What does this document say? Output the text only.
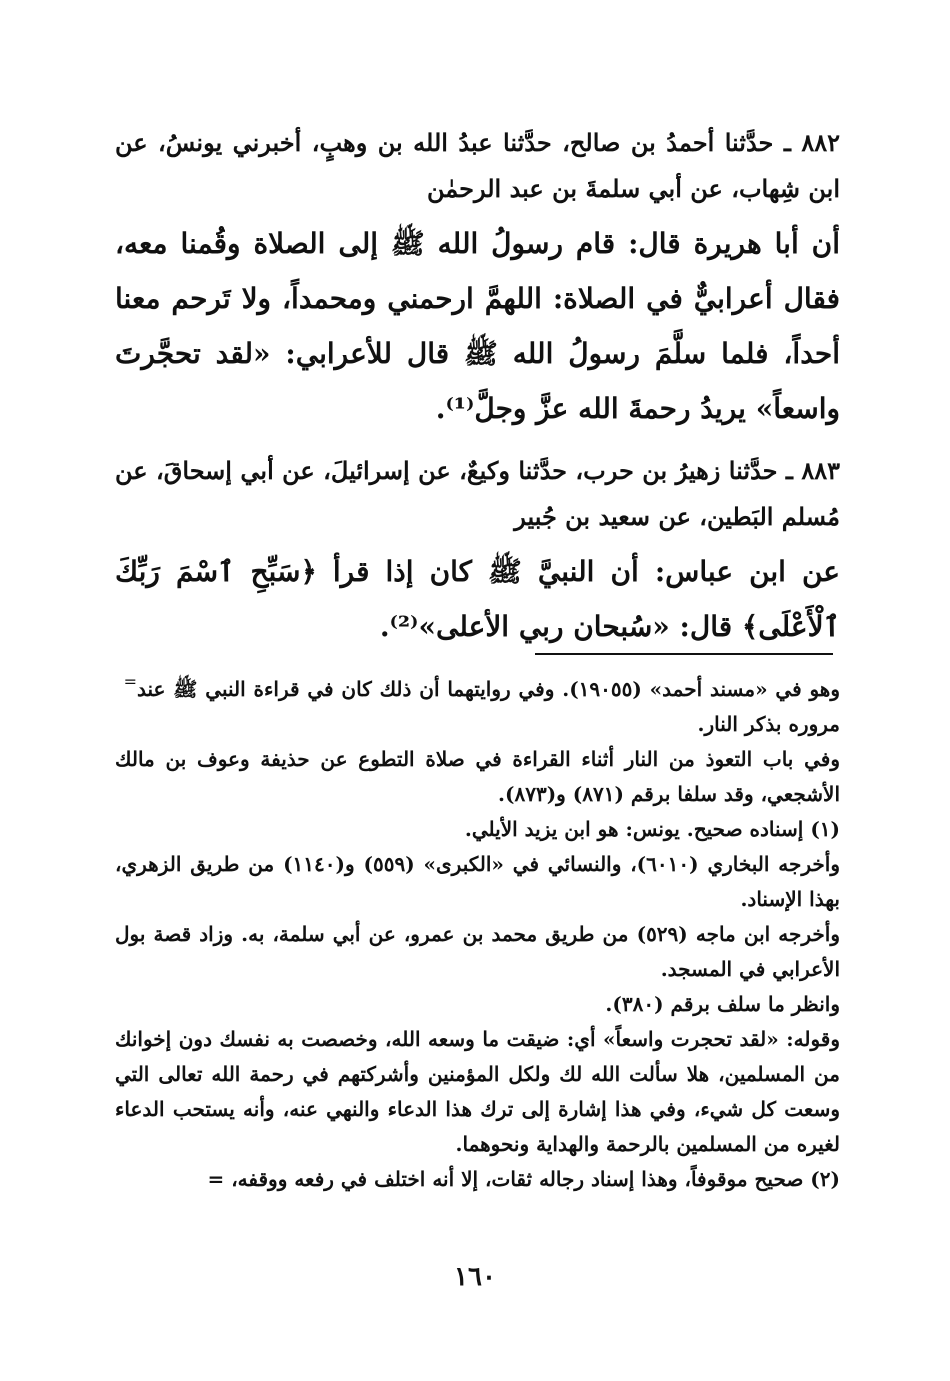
٨٨٢ ـ حدَّثنا أحمدُ بن صالح، حدَّثنا عبدُ الله بن وهبٍ، أخبرني يونسُ، عن ابن شِهاب، عن أبي سلمةَ بن عبد الرحمٰن

أن أبا هريرة قال: قام رسولُ الله ﷺ إلى الصلاة وقُمنا معه، فقال أعرابيٌّ في الصلاة: اللهمَّ ارحمني ومحمداً، ولا تَرحم معنا أحداً، فلما سلَّمَ رسولُ الله ﷺ قال للأعرابي: «لقد تحجَّرتَ واسعاً» يريدُ رحمةَ الله عزَّ وجلَّ⁽¹⁾.

٨٨٣ ـ حدَّثنا زهيرُ بن حرب، حدَّثنا وكيعٌ، عن إسرائيلَ، عن أبي إسحاقَ، عن مُسلم البَطين، عن سعيد بن جُبير

عن ابن عباس: أن النبيَّ ﷺ كان إذا قرأ ﴿سَبِّحِ ٱسْمَ رَبِّكَ ٱلْأَعْلَى﴾ قال: «سُبحان ربي الأعلى»⁽²⁾.

وهو في «مسند أحمد» (١٩٠٥٥). وفي روايتهما أن ذلك كان في قراءة النبي ﷺ عند مروره بذكر النار.

=

وفي باب التعوذ من النار أثناء القراءة في صلاة التطوع عن حذيفة وعوف بن مالك الأشجعي، وقد سلفا برقم (٨٧١) و(٨٧٣).

(١) إسناده صحيح. يونس: هو ابن يزيد الأيلي.

وأخرجه البخاري (٦٠١٠)، والنسائي في «الكبرى» (٥٥٩) و(١١٤٠) من طريق الزهري، بهذا الإسناد.

وأخرجه ابن ماجه (٥٢٩) من طريق محمد بن عمرو، عن أبي سلمة، به. وزاد قصة بول الأعرابي في المسجد.

وانظر ما سلف برقم (٣٨٠).

وقوله: «لقد تحجرت واسعاً» أي: ضيقت ما وسعه الله، وخصصت به نفسك دون إخوانك من المسلمين، هلا سألت الله لك ولكل المؤمنين وأشركتهم في رحمة الله تعالى التي وسعت كل شيء، وفي هذا إشارة إلى ترك هذا الدعاء والنهي عنه، وأنه يستحب الدعاء لغيره من المسلمين بالرحمة والهداية ونحوهما.

(٢) صحيح موقوفاً، وهذا إسناد رجاله ثقات، إلا أنه اختلف في رفعه ووقفه، =

١٦٠
